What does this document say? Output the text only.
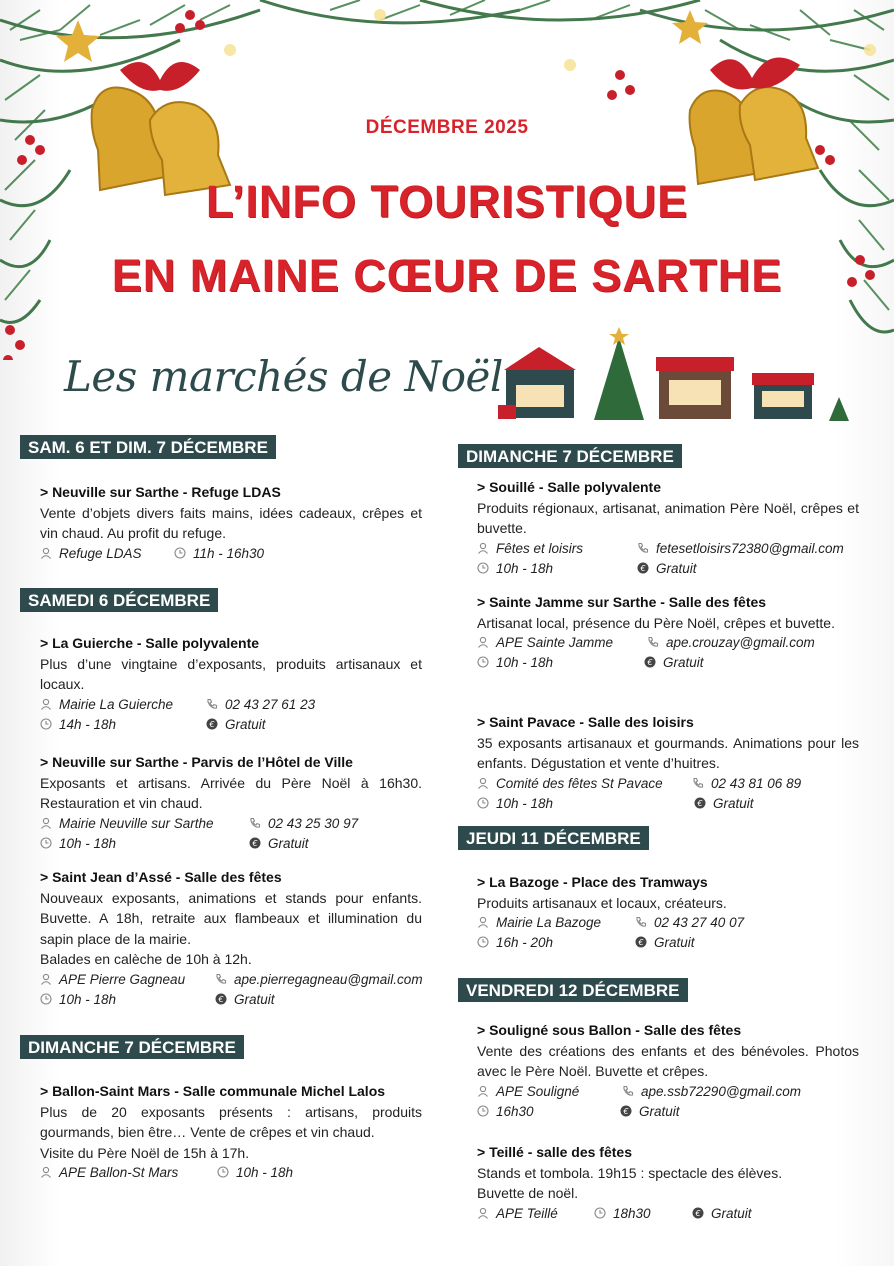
DÉCEMBRE 2025
L’INFO TOURISTIQUE
EN MAINE CŒUR DE SARTHE
Les marchés de Noël
SAM. 6 ET DIM. 7 DÉCEMBRE

> Neuville sur Sarthe - Refuge LDAS

Vente d’objets divers faits mains, idées cadeaux, crêpes et vin chaud. Au profit du refuge.

Refuge LDAS	11h - 16h30
SAMEDI 6 DÉCEMBRE

> La Guierche - Salle polyvalente

Plus d’une vingtaine d’exposants, produits artisanaux et locaux.

Mairie La Guierche	02 43 27 61 23
14h - 18h	€ Gratuit

> Neuville sur Sarthe - Parvis de l’Hôtel de Ville

Exposants et artisans. Arrivée du Père Noël à 16h30. Restauration et vin chaud.

Mairie Neuville sur Sarthe	02 43 25 30 97
10h - 18h	€ Gratuit

> Saint Jean d’Assé - Salle des fêtes

Nouveaux exposants, animations et stands pour enfants. Buvette. A 18h, retraite aux flambeaux et illumination du sapin place de la mairie.

Balades en calèche de 10h à 12h.

APE Pierre Gagneau	ape.pierregagneau@gmail.com
10h - 18h	€ Gratuit
DIMANCHE 7 DÉCEMBRE

> Ballon-Saint Mars - Salle communale Michel Lalos

Plus de 20 exposants présents : artisans, produits gourmands, bien être… Vente de crêpes et vin chaud.

Visite du Père Noël de 15h à 17h.

APE Ballon-St Mars	10h - 18h
DIMANCHE 7 DÉCEMBRE

> Souillé - Salle polyvalente

Produits régionaux, artisanat, animation Père Noël, crêpes et buvette.

Fêtes et loisirs	fetesetloisirs72380@gmail.com
10h - 18h	€ Gratuit

> Sainte Jamme sur Sarthe - Salle des fêtes

Artisanat local, présence du Père Noël, crêpes et buvette.

APE Sainte Jamme	ape.crouzay@gmail.com
10h - 18h	€ Gratuit

> Saint Pavace - Salle des loisirs

35 exposants artisanaux et gourmands. Animations pour les enfants. Dégustation et vente d’huitres.

Comité des fêtes St Pavace	02 43 81 06 89
10h - 18h	€ Gratuit
JEUDI 11 DÉCEMBRE

> La Bazoge - Place des Tramways

Produits artisanaux et locaux, créateurs.

Mairie La Bazoge	02 43 27 40 07
16h - 20h	€ Gratuit
VENDREDI 12 DÉCEMBRE

> Souligné sous Ballon - Salle des fêtes

Vente des créations des enfants et des bénévoles. Photos avec le Père Noël. Buvette et crêpes.

APE Souligné	ape.ssb72290@gmail.com
16h30	€ Gratuit

> Teillé - salle des fêtes

Stands et tombola. 19h15 : spectacle des élèves.

Buvette de noël.

APE Teillé	18h30	€ Gratuit
